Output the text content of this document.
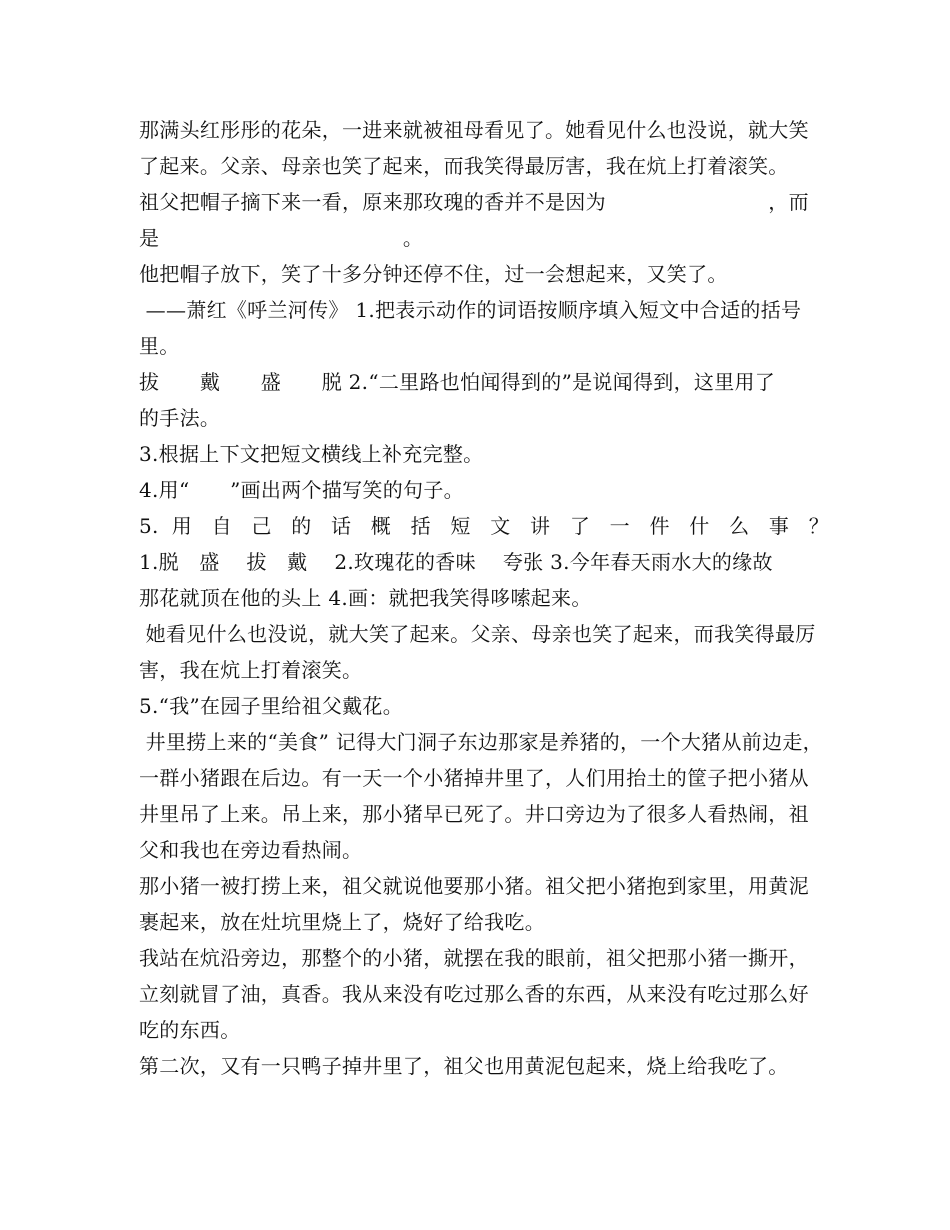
那满头红彤彤的花朵，一进来就被祖母看见了。她看见什么也没说，就大笑了起来。父亲、母亲也笑了起来，而我笑得最厉害，我在炕上打着滚笑。

祖父把帽子摘下来一看，原来那玫瑰的香并不是因为　　　　　　　　，而是　　　　　　　　　　　　。

他把帽子放下，笑了十多分钟还停不住，过一会想起来，又笑了。

——萧红《呼兰河传》 1.把表示动作的词语按顺序填入短文中合适的括号里。

拔　　戴　　盛　　脱 2.“二里路也怕闻得到的”是说闻得到，这里用了　　　的手法。

3.根据上下文把短文横线上补充完整。

4.用“　　”画出两个描写笑的句子。

5. 用 自 己 的 话 概 括 短 文 讲 了 一 件 什 么 事 ？

1.脱　盛　 拔　戴　 2.玫瑰花的香味　 夸张 3.今年春天雨水大的缘故　　那花就顶在他的头上 4.画：就把我笑得哆嗦起来。

她看见什么也没说，就大笑了起来。父亲、母亲也笑了起来，而我笑得最厉害，我在炕上打着滚笑。

5.“我”在园子里给祖父戴花。

井里捞上来的“美食” 记得大门洞子东边那家是养猪的，一个大猪从前边走，一群小猪跟在后边。有一天一个小猪掉井里了，人们用抬土的筐子把小猪从井里吊了上来。吊上来，那小猪早已死了。井口旁边为了很多人看热闹，祖父和我也在旁边看热闹。

那小猪一被打捞上来，祖父就说他要那小猪。祖父把小猪抱到家里，用黄泥裹起来，放在灶坑里烧上了，烧好了给我吃。

我站在炕沿旁边，那整个的小猪，就摆在我的眼前，祖父把那小猪一撕开，立刻就冒了油，真香。我从来没有吃过那么香的东西，从来没有吃过那么好吃的东西。

第二次，又有一只鸭子掉井里了，祖父也用黄泥包起来，烧上给我吃了。
